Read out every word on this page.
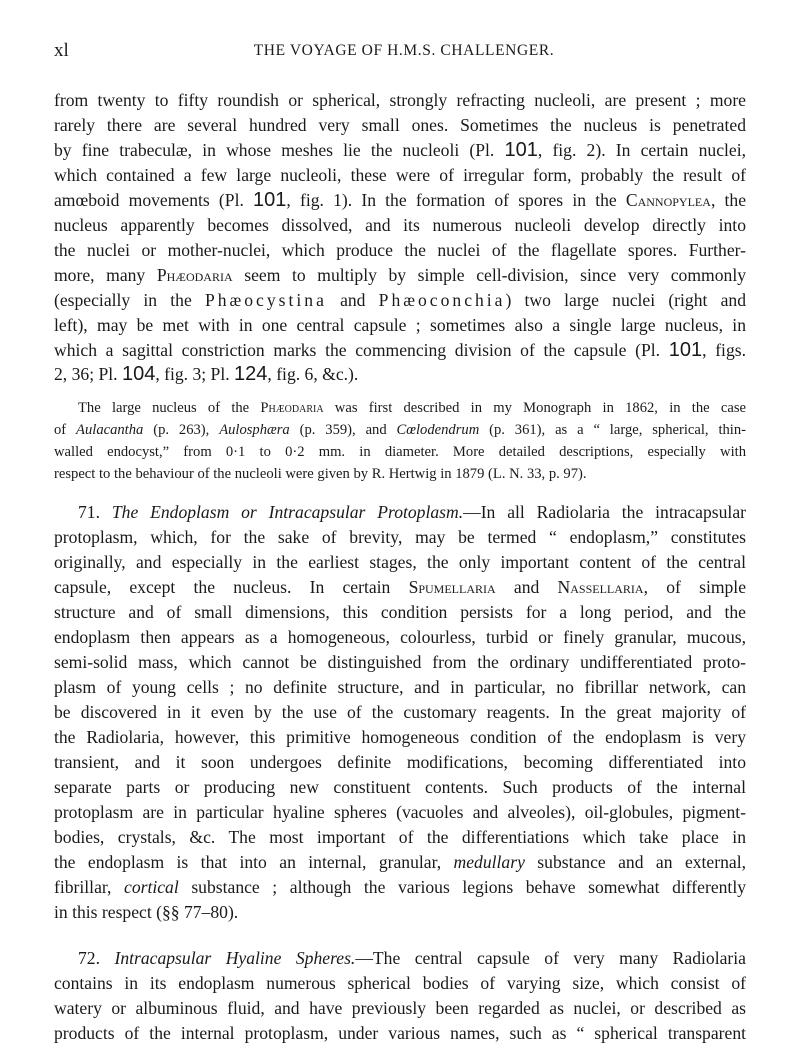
xl	THE VOYAGE OF H.M.S. CHALLENGER.
from twenty to fifty roundish or spherical, strongly refracting nucleoli, are present ; more
rarely there are several hundred very small ones. Sometimes the nucleus is penetrated
by fine trabeculæ, in whose meshes lie the nucleoli (Pl. 101, fig. 2). In certain nuclei,
which contained a few large nucleoli, these were of irregular form, probably the result of
amœboid movements (Pl. 101, fig. 1). In the formation of spores in the Cannopylea, the
nucleus apparently becomes dissolved, and its numerous nucleoli develop directly into
the nuclei or mother-nuclei, which produce the nuclei of the flagellate spores. Further-
more, many Phæodaria seem to multiply by simple cell-division, since very commonly
(especially in the Phæocystina and Phæoconchia) two large nuclei (right and
left), may be met with in one central capsule ; sometimes also a single large nucleus, in
which a sagittal constriction marks the commencing division of the capsule (Pl. 101, figs.
2, 36; Pl. 104, fig. 3; Pl. 124, fig. 6, &c.).
The large nucleus of the Phæodaria was first described in my Monograph in 1862, in the case
of Aulacantha (p. 263), Aulosphæra (p. 359), and Cœlodendrum (p. 361), as a “ large, spherical, thin-
walled endocyst,” from 0·1 to 0·2 mm. in diameter. More detailed descriptions, especially with
respect to the behaviour of the nucleoli were given by R. Hertwig in 1879 (L. N. 33, p. 97).
71. The Endoplasm or Intracapsular Protoplasm.—In all Radiolaria the intracapsular
protoplasm, which, for the sake of brevity, may be termed “ endoplasm,” constitutes
originally, and especially in the earliest stages, the only important content of the central
capsule, except the nucleus. In certain Spumellaria and Nassellaria, of simple
structure and of small dimensions, this condition persists for a long period, and the
endoplasm then appears as a homogeneous, colourless, turbid or finely granular, mucous,
semi-solid mass, which cannot be distinguished from the ordinary undifferentiated proto-
plasm of young cells ; no definite structure, and in particular, no fibrillar network, can
be discovered in it even by the use of the customary reagents. In the great majority of
the Radiolaria, however, this primitive homogeneous condition of the endoplasm is very
transient, and it soon undergoes definite modifications, becoming differentiated into
separate parts or producing new constituent contents. Such products of the internal
protoplasm are in particular hyaline spheres (vacuoles and alveoles), oil-globules, pigment-
bodies, crystals, &c. The most important of the differentiations which take place in
the endoplasm is that into an internal, granular, medullary substance and an external,
fibrillar, cortical substance ; although the various legions behave somewhat differently
in this respect (§§ 77–80).
72. Intracapsular Hyaline Spheres.—The central capsule of very many Radiolaria
contains in its endoplasm numerous spherical bodies of varying size, which consist of
watery or albuminous fluid, and have previously been regarded as nuclei, or described as
products of the internal protoplasm, under various names, such as “ spherical transparent
